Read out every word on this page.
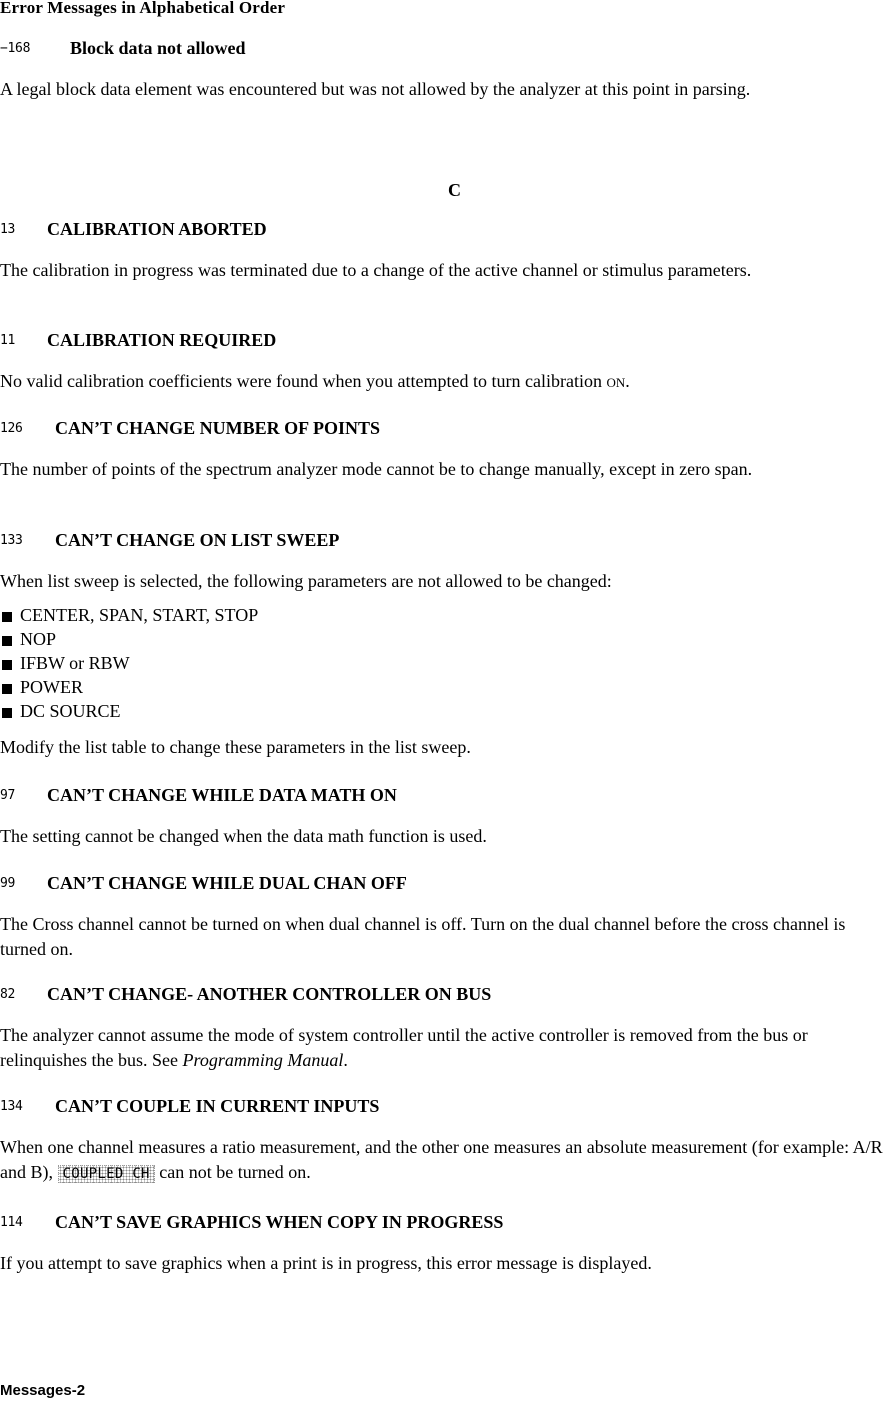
Error Messages in Alphabetical Order
−168 Block data not allowed

A legal block data element was encountered but was not allowed by the analyzer at this point in parsing.

C
13 CALIBRATION ABORTED

The calibration in progress was terminated due to a change of the active channel or stimulus parameters.

11 CALIBRATION REQUIRED

No valid calibration coefficients were found when you attempted to turn calibration on.

126 CAN’T CHANGE NUMBER OF POINTS

The number of points of the spectrum analyzer mode cannot be to change manually, except in zero span.

133 CAN’T CHANGE ON LIST SWEEP

When list sweep is selected, the following parameters are not allowed to be changed:

CENTER, SPAN, START, STOP
NOP
IFBW or RBW
POWER
DC SOURCE

Modify the list table to change these parameters in the list sweep.

97 CAN’T CHANGE WHILE DATA MATH ON

The setting cannot be changed when the data math function is used.

99 CAN’T CHANGE WHILE DUAL CHAN OFF

The Cross channel cannot be turned on when dual channel is off. Turn on the dual channel before the cross channel is turned on.

82 CAN’T CHANGE- ANOTHER CONTROLLER ON BUS

The analyzer cannot assume the mode of system controller until the active controller is removed from the bus or relinquishes the bus. See Programming Manual.

134 CAN’T COUPLE IN CURRENT INPUTS

When one channel measures a ratio measurement, and the other one measures an absolute measurement (for example: A/R and B), COUPLED CH can not be turned on.

114 CAN’T SAVE GRAPHICS WHEN COPY IN PROGRESS

If you attempt to save graphics when a print is in progress, this error message is displayed.

Messages-2
